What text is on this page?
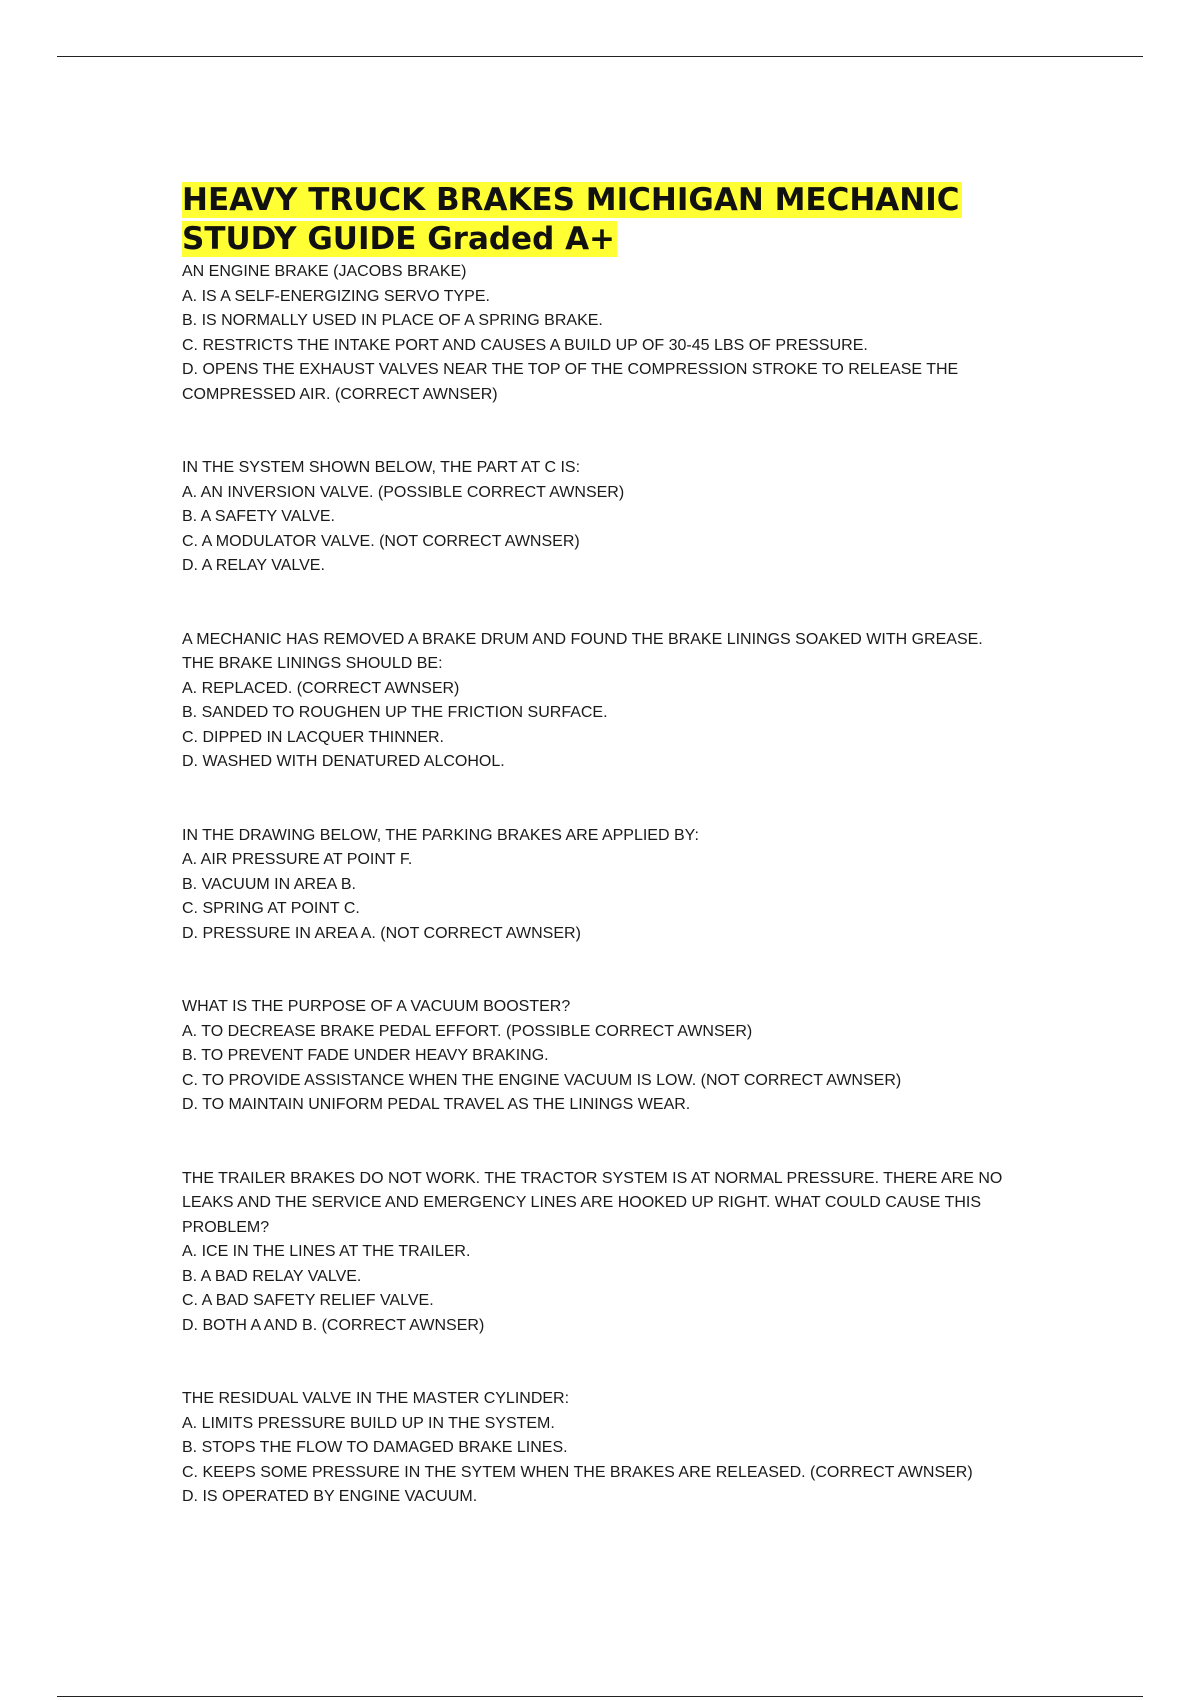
HEAVY TRUCK BRAKES MICHIGAN MECHANIC
STUDY GUIDE Graded A+

AN ENGINE BRAKE (JACOBS BRAKE)

A. IS A SELF-ENERGIZING SERVO TYPE.

B. IS NORMALLY USED IN PLACE OF A SPRING BRAKE.

C. RESTRICTS THE INTAKE PORT AND CAUSES A BUILD UP OF 30-45 LBS OF PRESSURE.

D. OPENS THE EXHAUST VALVES NEAR THE TOP OF THE COMPRESSION STROKE TO RELEASE THE

COMPRESSED AIR. (CORRECT AWNSER)

IN THE SYSTEM SHOWN BELOW, THE PART AT C IS:

A. AN INVERSION VALVE. (POSSIBLE CORRECT AWNSER)

B. A SAFETY VALVE.

C. A MODULATOR VALVE. (NOT CORRECT AWNSER)

D. A RELAY VALVE.

A MECHANIC HAS REMOVED A BRAKE DRUM AND FOUND THE BRAKE LININGS SOAKED WITH GREASE.

THE BRAKE LININGS SHOULD BE:

A. REPLACED. (CORRECT AWNSER)

B. SANDED TO ROUGHEN UP THE FRICTION SURFACE.

C. DIPPED IN LACQUER THINNER.

D. WASHED WITH DENATURED ALCOHOL.

IN THE DRAWING BELOW, THE PARKING BRAKES ARE APPLIED BY:

A. AIR PRESSURE AT POINT F.

B. VACUUM IN AREA B.

C. SPRING AT POINT C.

D. PRESSURE IN AREA A. (NOT CORRECT AWNSER)

WHAT IS THE PURPOSE OF A VACUUM BOOSTER?

A. TO DECREASE BRAKE PEDAL EFFORT. (POSSIBLE CORRECT AWNSER)

B. TO PREVENT FADE UNDER HEAVY BRAKING.

C. TO PROVIDE ASSISTANCE WHEN THE ENGINE VACUUM IS LOW. (NOT CORRECT AWNSER)

D. TO MAINTAIN UNIFORM PEDAL TRAVEL AS THE LININGS WEAR.

THE TRAILER BRAKES DO NOT WORK. THE TRACTOR SYSTEM IS AT NORMAL PRESSURE. THERE ARE NO

LEAKS AND THE SERVICE AND EMERGENCY LINES ARE HOOKED UP RIGHT. WHAT COULD CAUSE THIS

PROBLEM?

A. ICE IN THE LINES AT THE TRAILER.

B. A BAD RELAY VALVE.

C. A BAD SAFETY RELIEF VALVE.

D. BOTH A AND B. (CORRECT AWNSER)

THE RESIDUAL VALVE IN THE MASTER CYLINDER:

A. LIMITS PRESSURE BUILD UP IN THE SYSTEM.

B. STOPS THE FLOW TO DAMAGED BRAKE LINES.

C. KEEPS SOME PRESSURE IN THE SYTEM WHEN THE BRAKES ARE RELEASED. (CORRECT AWNSER)

D. IS OPERATED BY ENGINE VACUUM.
